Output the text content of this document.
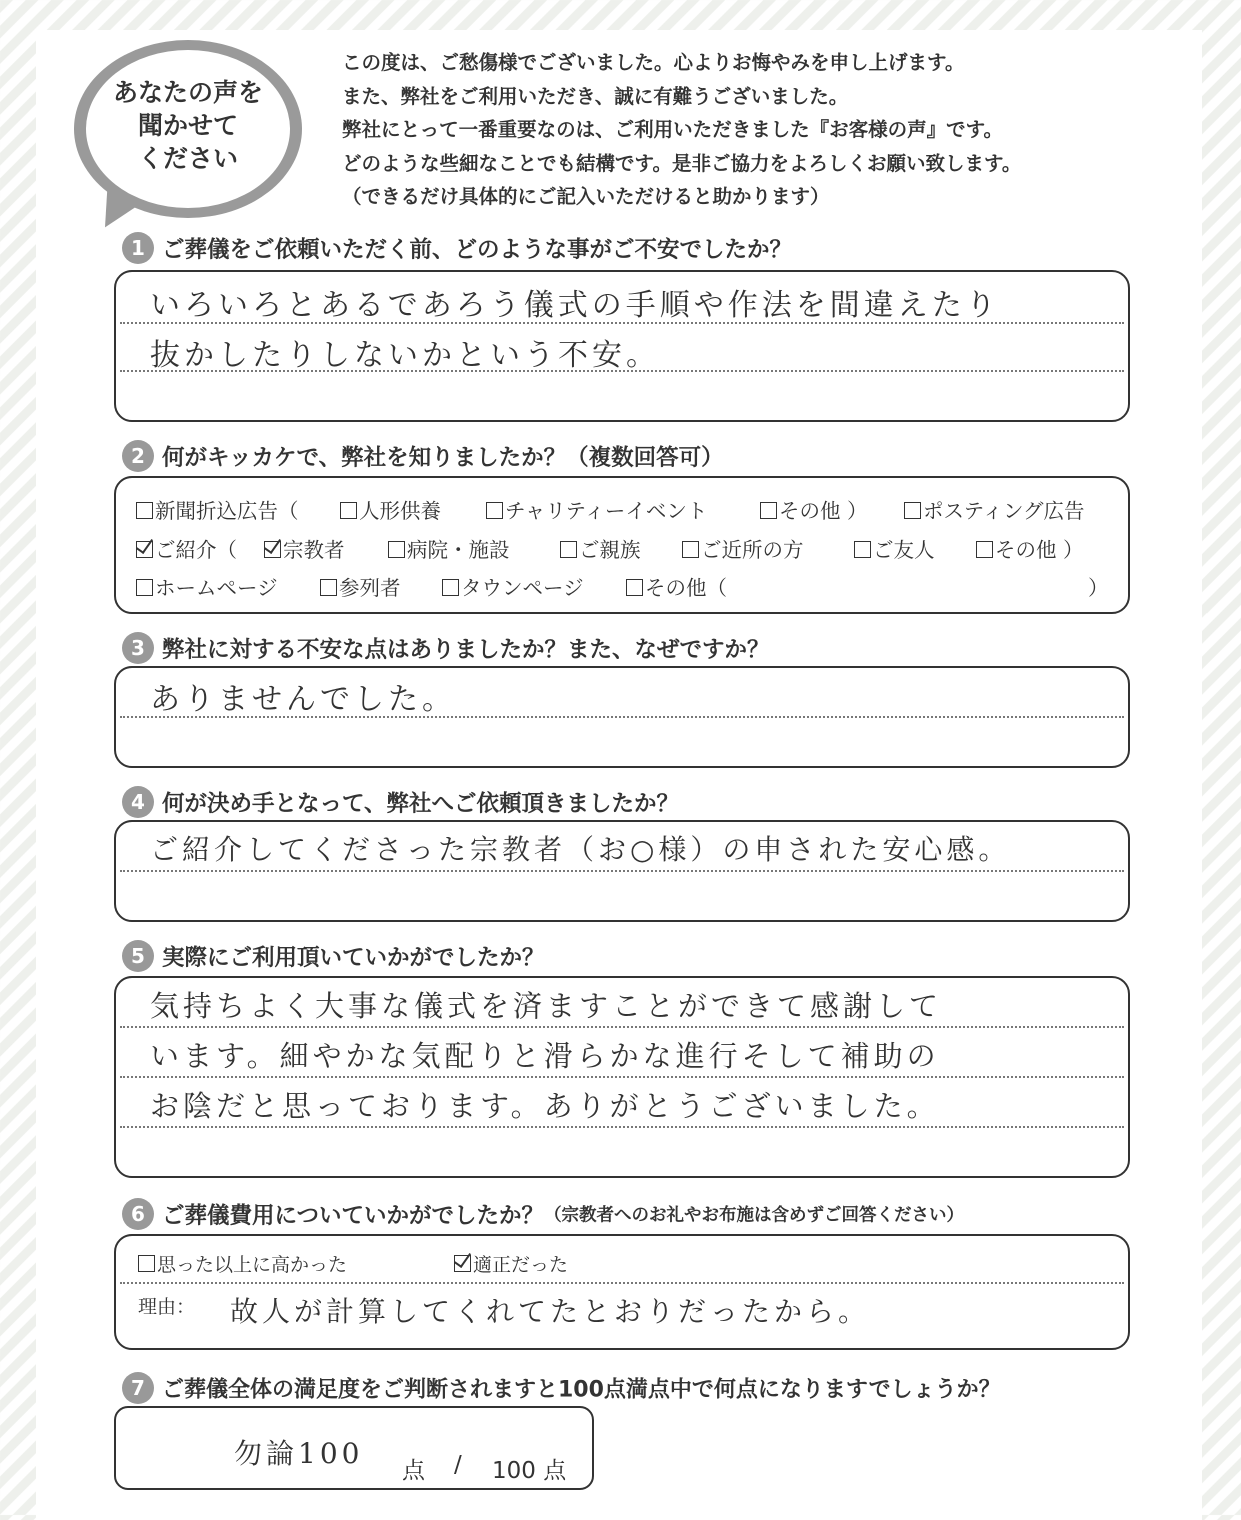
あなたの声を
聞かせて
ください
この度は、ご愁傷様でございました。心よりお悔やみを申し上げます。
また、弊社をご利用いただき、誠に有難うございました。
弊社にとって一番重要なのは、ご利用いただきました『お客様の声』です。
どのような些細なことでも結構です。是非ご協力をよろしくお願い致します。
（できるだけ具体的にご記入いただけると助かります）
1 ご葬儀をご依頼いただく前、どのような事がご不安でしたか？
いろいろとあるであろう儀式の手順や作法を間違えたり
抜かしたりしないかという不安。
2 何がキッカケで、弊社を知りましたか？（複数回答可）
新聞折込広告（	人形供養	チャリティーイベント	その他 ）	ポスティング広告
ご紹介（	宗教者	病院・施設	ご親族	ご近所の方	ご友人	その他 ）
ホームページ	参列者	タウンページ	その他（	）
3 弊社に対する不安な点はありましたか？また、なぜですか？
ありませんでした。
4 何が決め手となって、弊社へご依頼頂きましたか？
ご紹介してくださった宗教者（お○様）の申された安心感。
5 実際にご利用頂いていかがでしたか？
気持ちよく大事な儀式を済ますことができて感謝して
います。細やかな気配りと滑らかな進行そして補助の
お陰だと思っております。ありがとうございました。
6 ご葬儀費用についていかがでしたか？（宗教者へのお礼やお布施は含めずご回答ください）
思った以上に高かった	適正だった
理由： 故人が計算してくれてたとおりだったから。
7 ご葬儀全体の満足度をご判断されますと100点満点中で何点になりますでしょうか？
勿論100
点 / 100 点
